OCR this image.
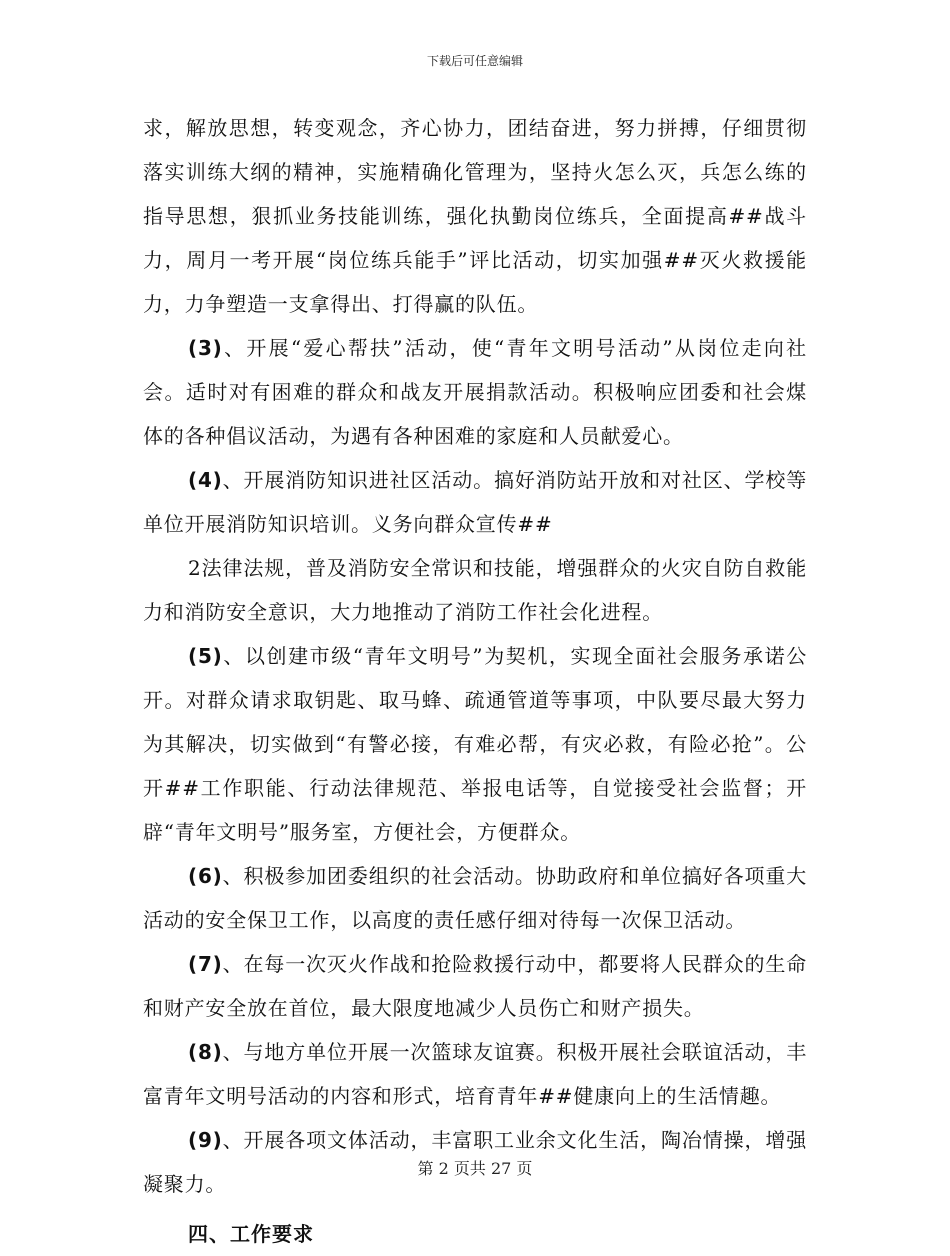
下载后可任意编辑

求，解放思想，转变观念，齐心协力，团结奋进，努力拼搏，仔细贯彻落实训练大纲的精神，实施精确化管理为，坚持火怎么灭，兵怎么练的指导思想，狠抓业务技能训练，强化执勤岗位练兵，全面提高##战斗力，周月一考开展“岗位练兵能手”评比活动，切实加强##灭火救援能力，力争塑造一支拿得出、打得赢的队伍。

(3)、开展“爱心帮扶”活动，使“青年文明号活动”从岗位走向社会。适时对有困难的群众和战友开展捐款活动。积极响应团委和社会煤体的各种倡议活动，为遇有各种困难的家庭和人员献爱心。

(4)、开展消防知识进社区活动。搞好消防站开放和对社区、学校等单位开展消防知识培训。义务向群众宣传##

2法律法规，普及消防安全常识和技能，增强群众的火灾自防自救能力和消防安全意识，大力地推动了消防工作社会化进程。

(5)、以创建市级“青年文明号”为契机，实现全面社会服务承诺公开。对群众请求取钥匙、取马蜂、疏通管道等事项，中队要尽最大努力为其解决，切实做到“有警必接，有难必帮，有灾必救，有险必抢”。公开##工作职能、行动法律规范、举报电话等，自觉接受社会监督；开辟“青年文明号”服务室，方便社会，方便群众。

(6)、积极参加团委组织的社会活动。协助政府和单位搞好各项重大活动的安全保卫工作，以高度的责任感仔细对待每一次保卫活动。

(7)、在每一次灭火作战和抢险救援行动中，都要将人民群众的生命和财产安全放在首位，最大限度地减少人员伤亡和财产损失。

(8)、与地方单位开展一次篮球友谊赛。积极开展社会联谊活动，丰富青年文明号活动的内容和形式，培育青年##健康向上的生活情趣。

(9)、开展各项文体活动，丰富职工业余文化生活，陶冶情操，增强凝聚力。

四、工作要求

第 2 页共 27 页
